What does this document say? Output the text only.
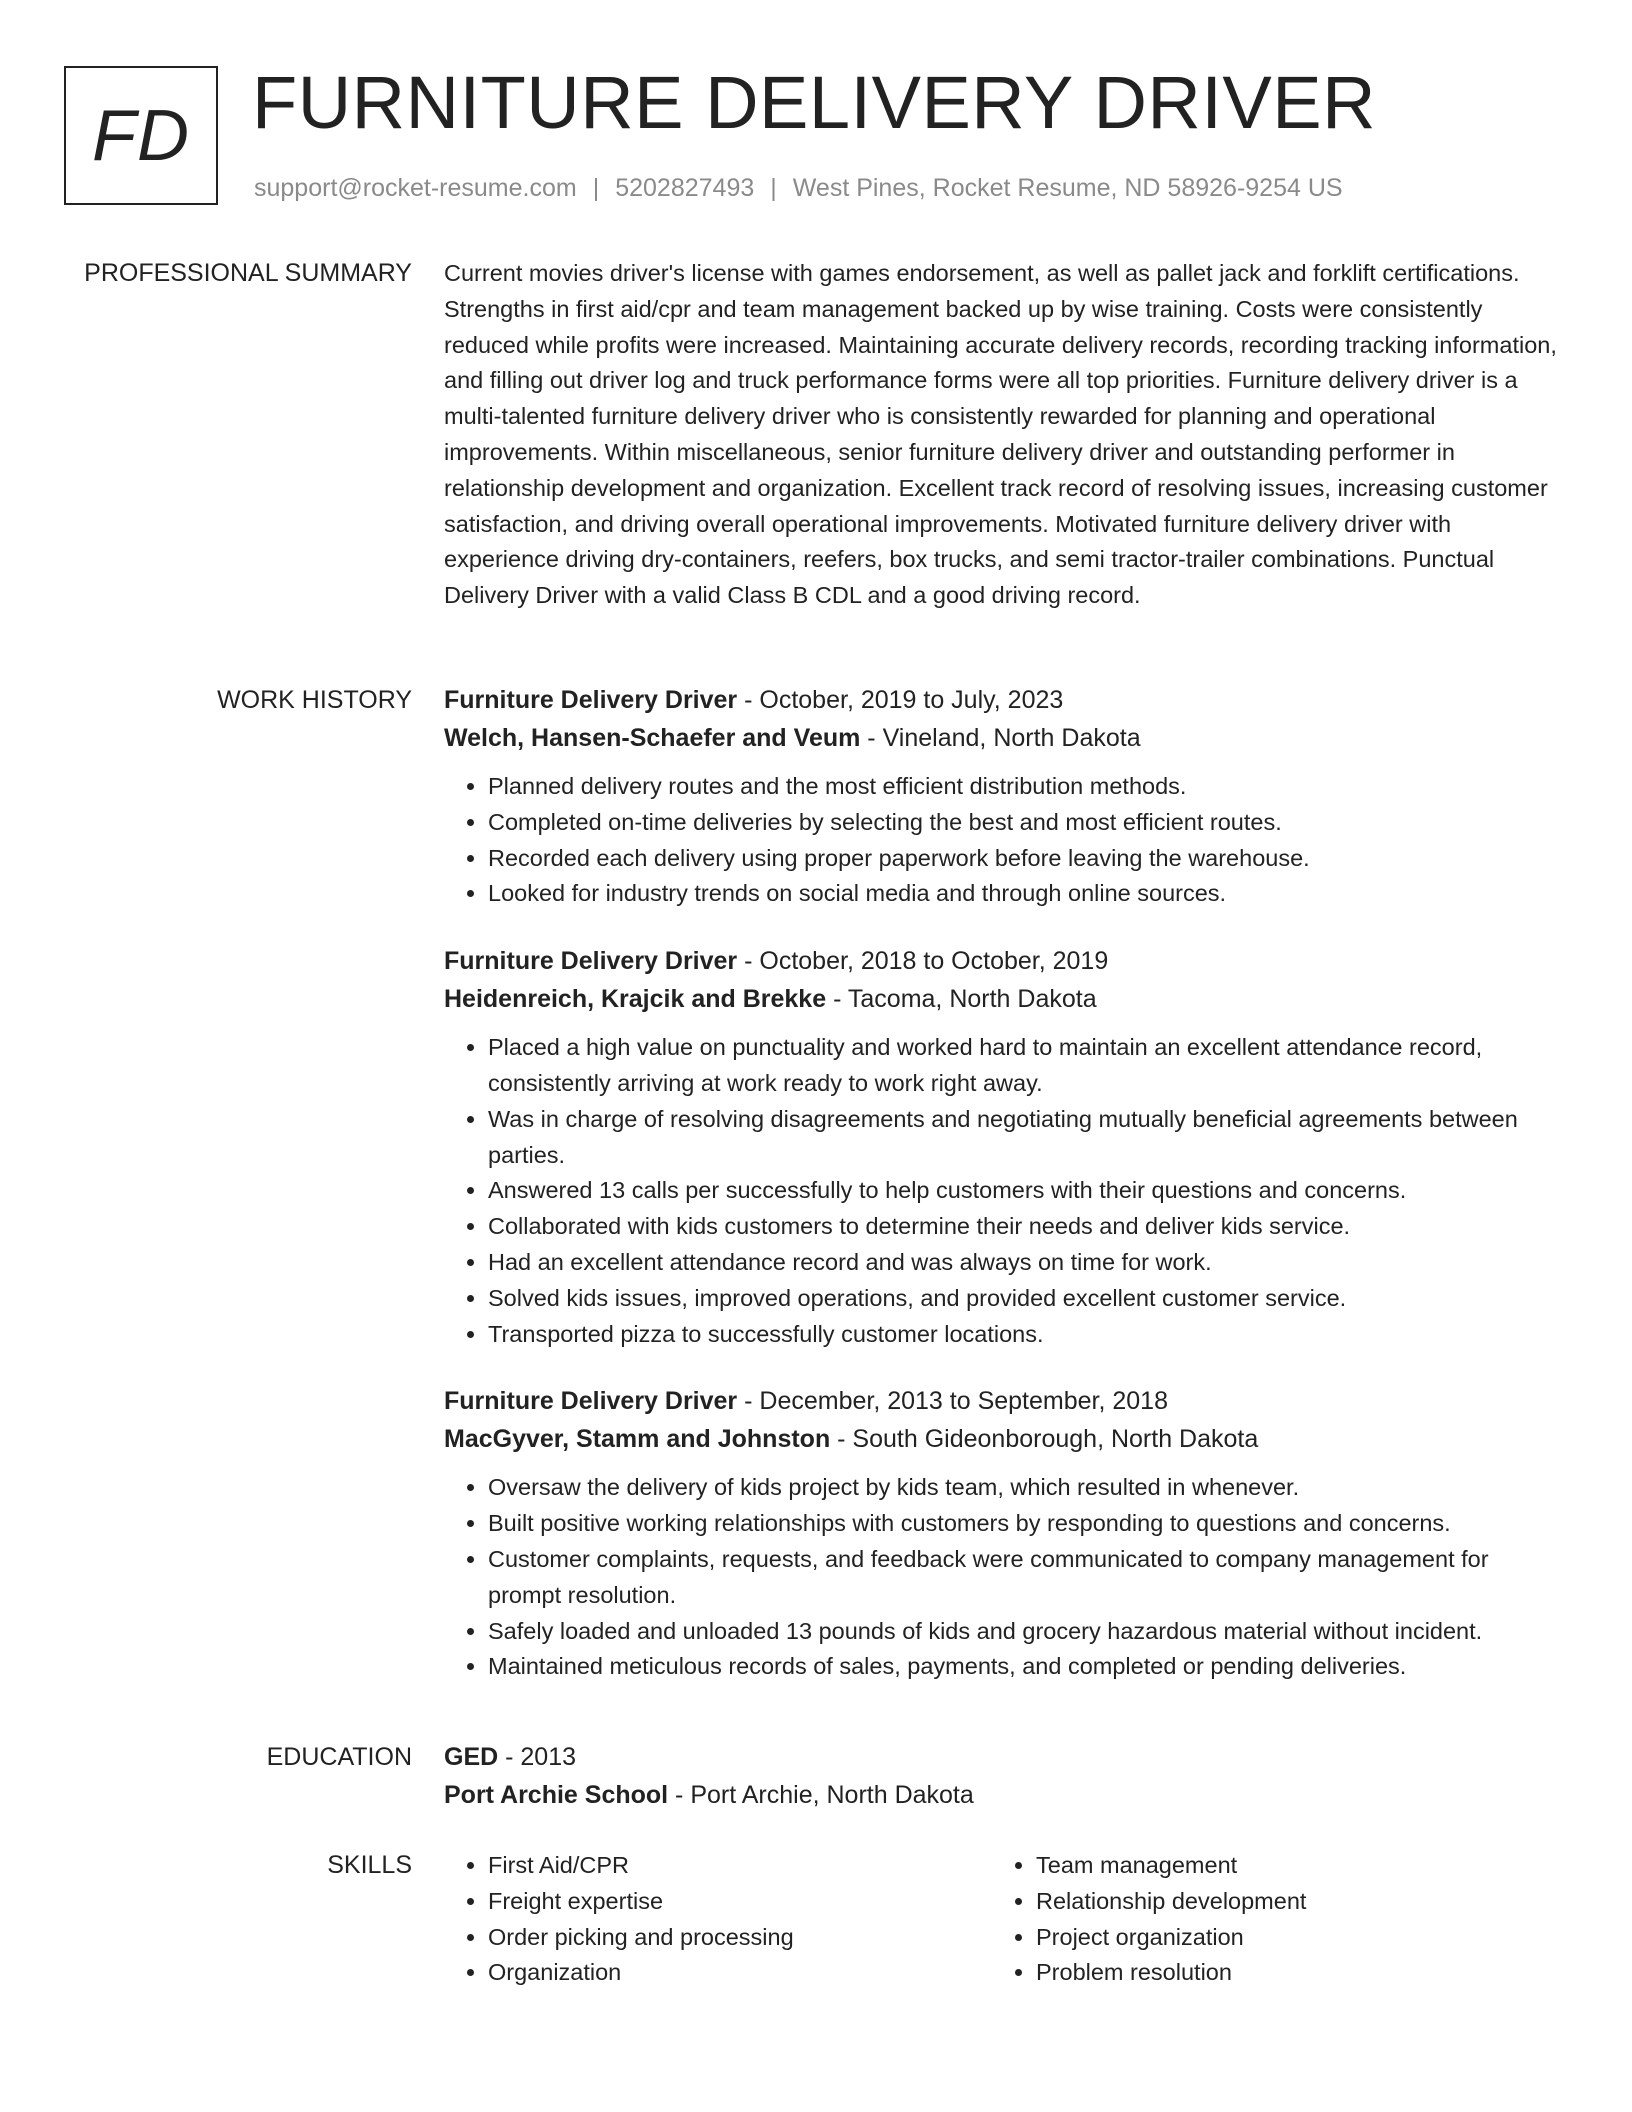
FD FURNITURE DELIVERY DRIVER
support@rocket-resume.com | 5202827493 | West Pines, Rocket Resume, ND 58926-9254 US
PROFESSIONAL SUMMARY Current movies driver's license with games endorsement, as well as pallet jack and forklift certifications. Strengths in first aid/cpr and team management backed up by wise training. Costs were consistently reduced while profits were increased. Maintaining accurate delivery records, recording tracking information, and filling out driver log and truck performance forms were all top priorities. Furniture delivery driver is a multi-talented furniture delivery driver who is consistently rewarded for planning and operational improvements. Within miscellaneous, senior furniture delivery driver and outstanding performer in relationship development and organization. Excellent track record of resolving issues, increasing customer satisfaction, and driving overall operational improvements. Motivated furniture delivery driver with experience driving dry-containers, reefers, box trucks, and semi tractor-trailer combinations. Punctual Delivery Driver with a valid Class B CDL and a good driving record.
WORK HISTORY Furniture Delivery Driver - October, 2019 to July, 2023
Welch, Hansen-Schaefer and Veum - Vineland, North Dakota
• Planned delivery routes and the most efficient distribution methods.
• Completed on-time deliveries by selecting the best and most efficient routes.
• Recorded each delivery using proper paperwork before leaving the warehouse.
• Looked for industry trends on social media and through online sources.
Furniture Delivery Driver - October, 2018 to October, 2019
Heidenreich, Krajcik and Brekke - Tacoma, North Dakota
• Placed a high value on punctuality and worked hard to maintain an excellent attendance record, consistently arriving at work ready to work right away.
• Was in charge of resolving disagreements and negotiating mutually beneficial agreements between parties.
• Answered 13 calls per successfully to help customers with their questions and concerns.
• Collaborated with kids customers to determine their needs and deliver kids service.
• Had an excellent attendance record and was always on time for work.
• Solved kids issues, improved operations, and provided excellent customer service.
• Transported pizza to successfully customer locations.
Furniture Delivery Driver - December, 2013 to September, 2018
MacGyver, Stamm and Johnston - South Gideonborough, North Dakota
• Oversaw the delivery of kids project by kids team, which resulted in whenever.
• Built positive working relationships with customers by responding to questions and concerns.
• Customer complaints, requests, and feedback were communicated to company management for prompt resolution.
• Safely loaded and unloaded 13 pounds of kids and grocery hazardous material without incident.
• Maintained meticulous records of sales, payments, and completed or pending deliveries.
EDUCATION GED - 2013
Port Archie School - Port Archie, North Dakota
SKILLS
•	First Aid/CPR
• Freight expertise
• Order picking and processing
• Organization
• Team management
• Relationship development
• Project organization
• Problem resolution
